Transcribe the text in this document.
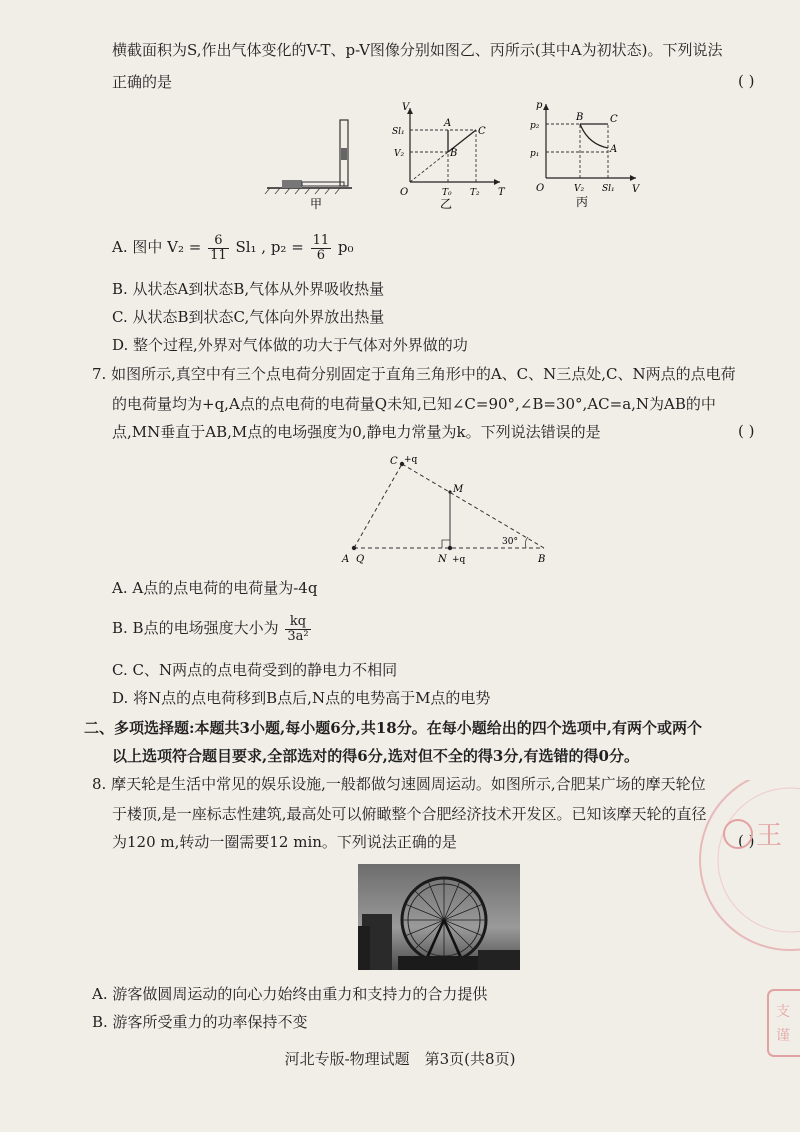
横截面积为S,作出气体变化的V-T、p-V图像分别如图乙、丙所示(其中A为初状态)。下列说法
正确的是	( )
甲
V
T
O
Sl₁
V₂
T₀ T₂
A
B
C
乙
p
V
O
p₂
p₁
V₂ Sl₁
B	C
A
丙
A. 图中 $V_2 = \frac{6}{11} Sl_1$ , $p_2 = \frac{11}{6} p_0$
B. 从状态A到状态B,气体从外界吸收热量
C. 从状态B到状态C,气体向外界放出热量
D. 整个过程,外界对气体做的功大于气体对外界做的功
7. 如图所示,真空中有三个点电荷分别固定于直角三角形中的A、C、N三点处,C、N两点的点电荷
的电荷量均为+q,A点的点电荷的电荷量Q未知,已知∠C=90°,∠B=30°,AC=a,N为AB的中
点,MN垂直于AB,M点的电场强度为0,静电力常量为k。下列说法错误的是	( )
C +q
M
A Q	N +q	B
30°
A. A点的点电荷的电荷量为-4q
B. B点的电场强度大小为 $\frac{kq}{\text{3a²}}$
C. C、N两点的点电荷受到的静电力不相同
D. 将N点的点电荷移到B点后,N点的电势高于M点的电势
二、多项选择题:本题共3小题,每小题6分,共18分。在每小题给出的四个选项中,有两个或两个
以上选项符合题目要求,全部选对的得6分,选对但不全的得3分,有选错的得0分。
8. 摩天轮是生活中常见的娱乐设施,一般都做匀速圆周运动。如图所示,合肥某广场的摩天轮位
于楼顶,是一座标志性建筑,最高处可以俯瞰整个合肥经济技术开发区。已知该摩天轮的直径
为120 m,转动一圈需要12 min。下列说法正确的是	( )
A. 游客做圆周运动的向心力始终由重力和支持力的合力提供
B. 游客所受重力的功率保持不变
王
支
谨
河北专版-物理试题　第3页(共8页)
